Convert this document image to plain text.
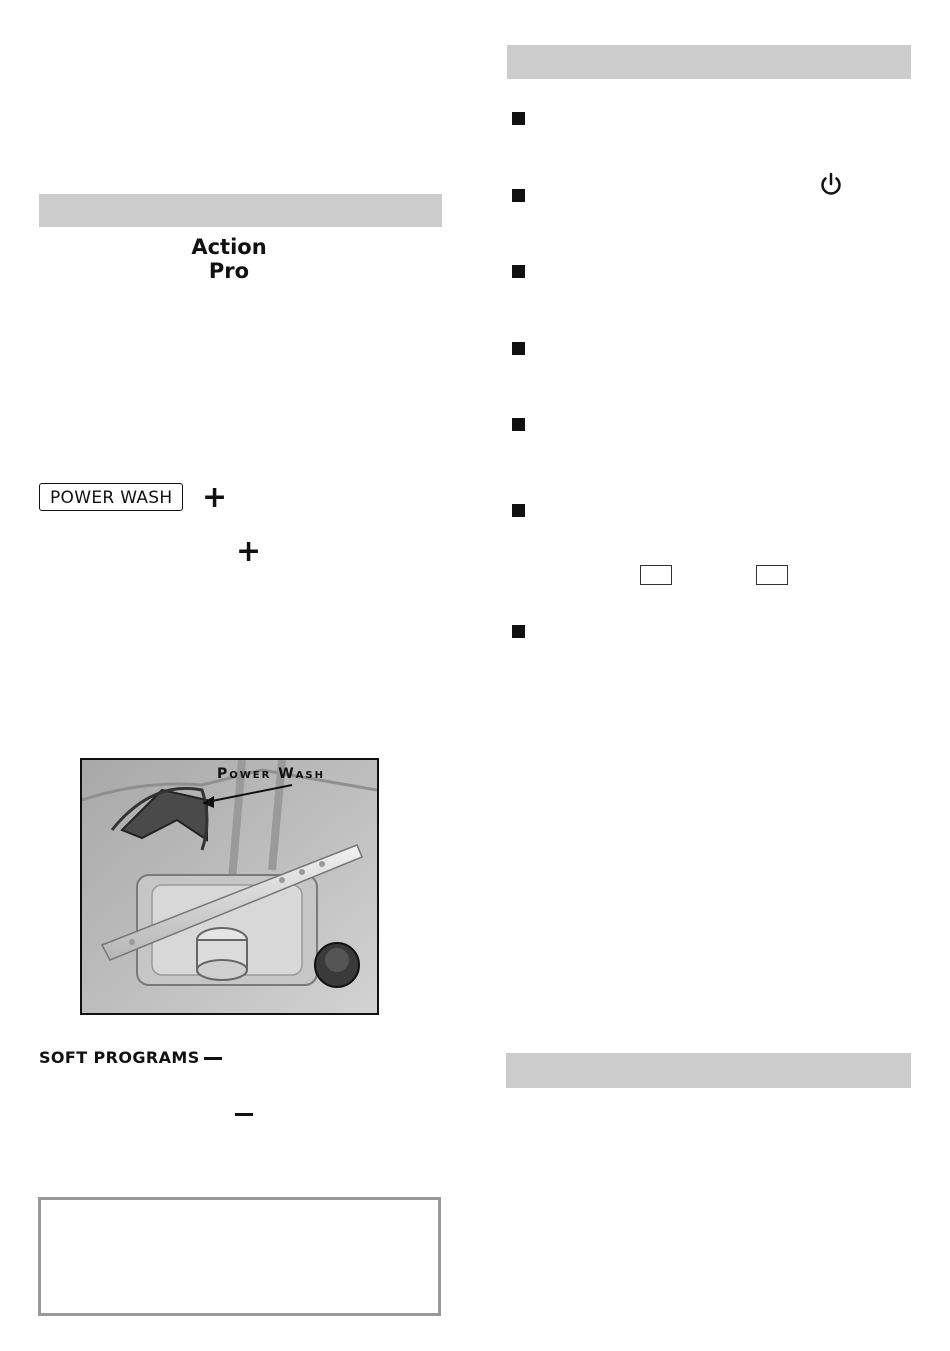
Action
Pro
POWER WASH +
+
Power Wash
SOFT PROGRAMS
